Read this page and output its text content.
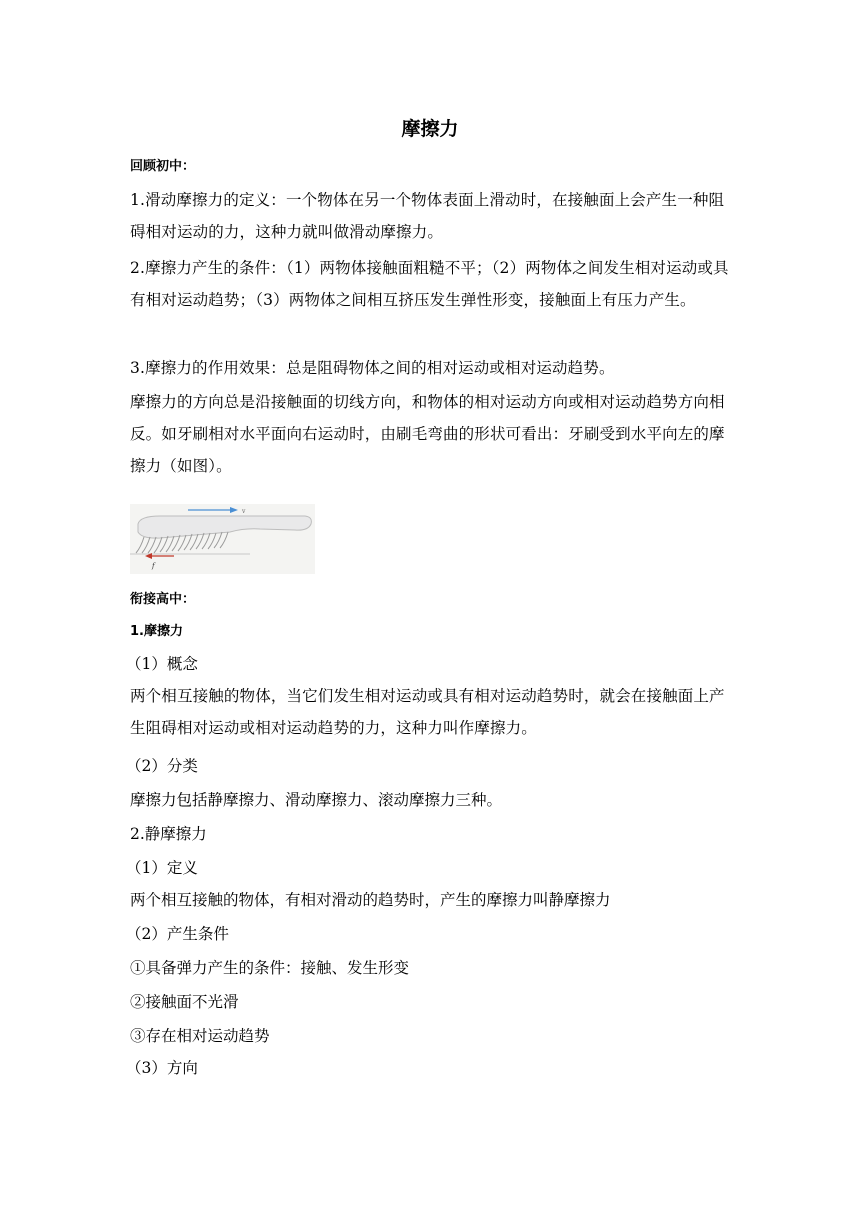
摩擦力
回顾初中：
1.滑动摩擦力的定义：一个物体在另一个物体表面上滑动时，在接触面上会产生一种阻碍相对运动的力，这种力就叫做滑动摩擦力。
2.摩擦力产生的条件：（1）两物体接触面粗糙不平；（2）两物体之间发生相对运动或具有相对运动趋势；（3）两物体之间相互挤压发生弹性形变，接触面上有压力产生。
3.摩擦力的作用效果：总是阻碍物体之间的相对运动或相对运动趋势。
摩擦力的方向总是沿接触面的切线方向，和物体的相对运动方向或相对运动趋势方向相反。如牙刷相对水平面向右运动时，由刷毛弯曲的形状可看出：牙刷受到水平向左的摩擦力（如图）。
v
f
衔接高中：
1.摩擦力
（1）概念
两个相互接触的物体，当它们发生相对运动或具有相对运动趋势时，就会在接触面上产生阻碍相对运动或相对运动趋势的力，这种力叫作摩擦力。
（2）分类
摩擦力包括静摩擦力、滑动摩擦力、滚动摩擦力三种。
2.静摩擦力
（1）定义
两个相互接触的物体，有相对滑动的趋势时，产生的摩擦力叫静摩擦力
（2）产生条件
①具备弹力产生的条件：接触、发生形变
②接触面不光滑
③存在相对运动趋势
（3）方向
